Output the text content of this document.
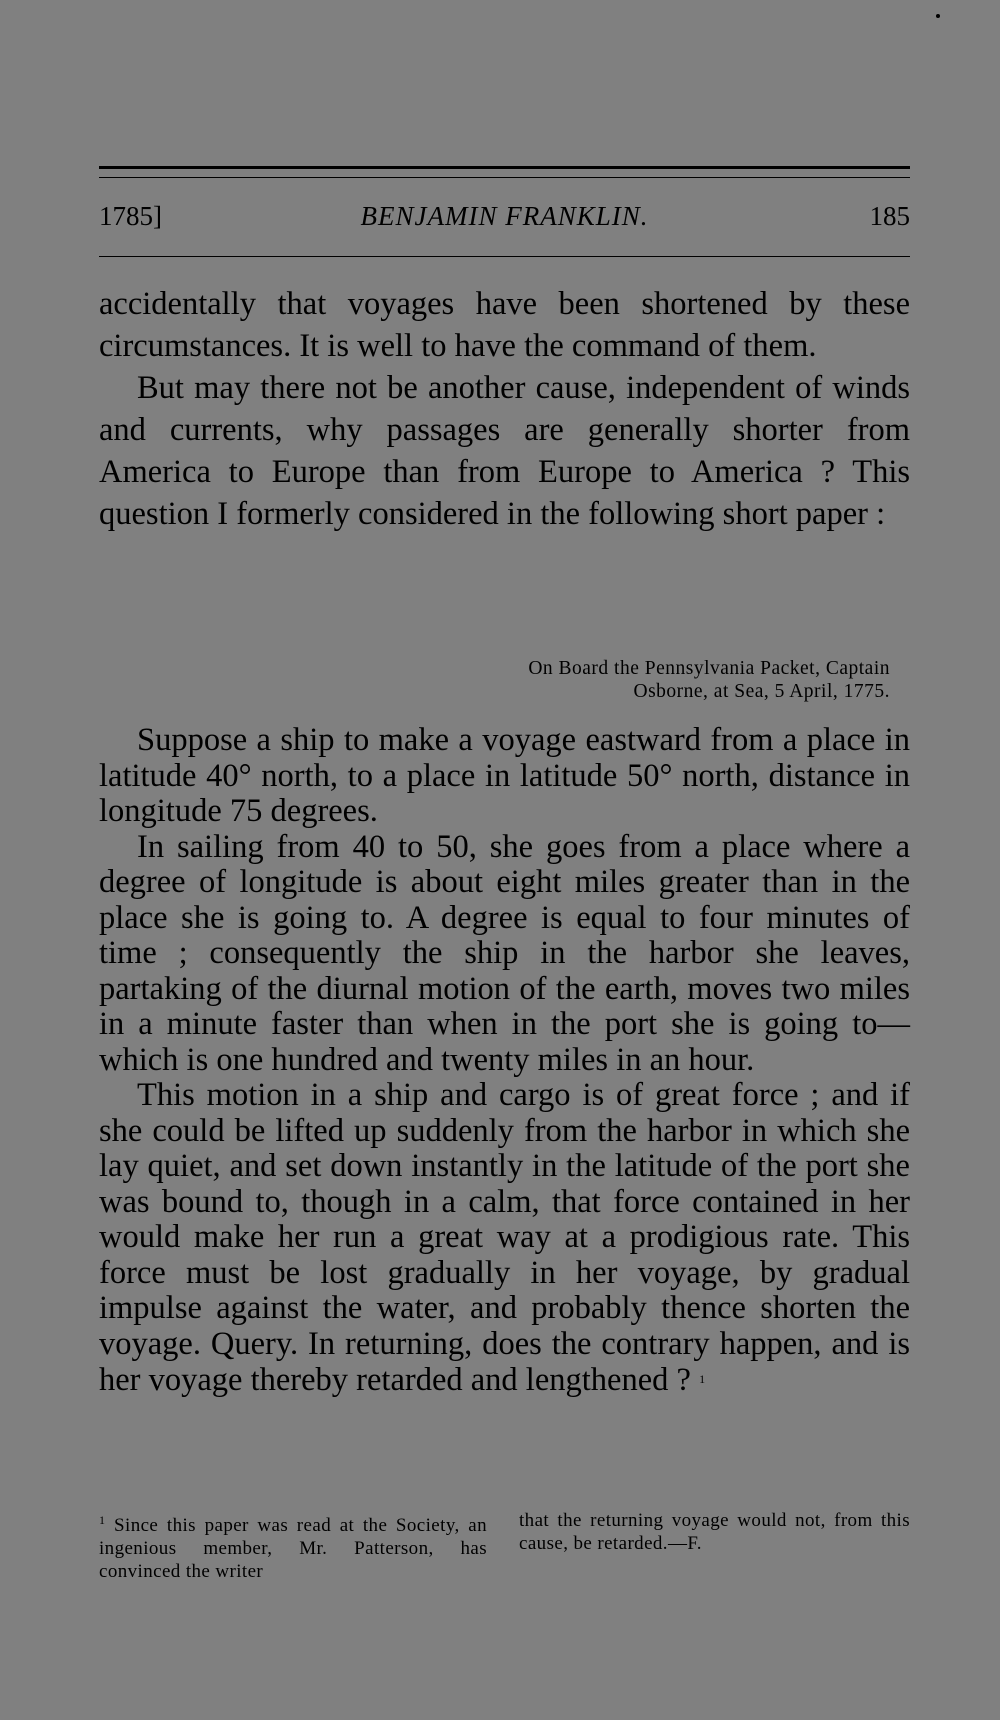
1785]	BENJAMIN FRANKLIN.	185

accidentally that voyages have been shortened by these circumstances. It is well to have the command of them.

But may there not be another cause, independent of winds and currents, why passages are generally shorter from America to Europe than from Europe to America ? This question I formerly considered in the following short paper :

On Board the Pennsylvania Packet, Captain
Osborne, at Sea, 5 April, 1775.

Suppose a ship to make a voyage eastward from a place in latitude 40° north, to a place in latitude 50° north, distance in longitude 75 degrees.

In sailing from 40 to 50, she goes from a place where a degree of longitude is about eight miles greater than in the place she is going to. A degree is equal to four minutes of time ; consequently the ship in the harbor she leaves, partaking of the diurnal motion of the earth, moves two miles in a minute faster than when in the port she is going to—which is one hundred and twenty miles in an hour.

This motion in a ship and cargo is of great force ; and if she could be lifted up suddenly from the harbor in which she lay quiet, and set down instantly in the latitude of the port she was bound to, though in a calm, that force contained in her would make her run a great way at a prodigious rate. This force must be lost gradually in her voyage, by gradual impulse against the water, and probably thence shorten the voyage. Query. In returning, does the contrary happen, and is her voyage thereby retarded and lengthened ? $^1$

$^1$ Since this paper was read at the Society, an ingenious member, Mr. Patterson, has convinced the writer
that the returning voyage would not, from this cause, be retarded.—F.
